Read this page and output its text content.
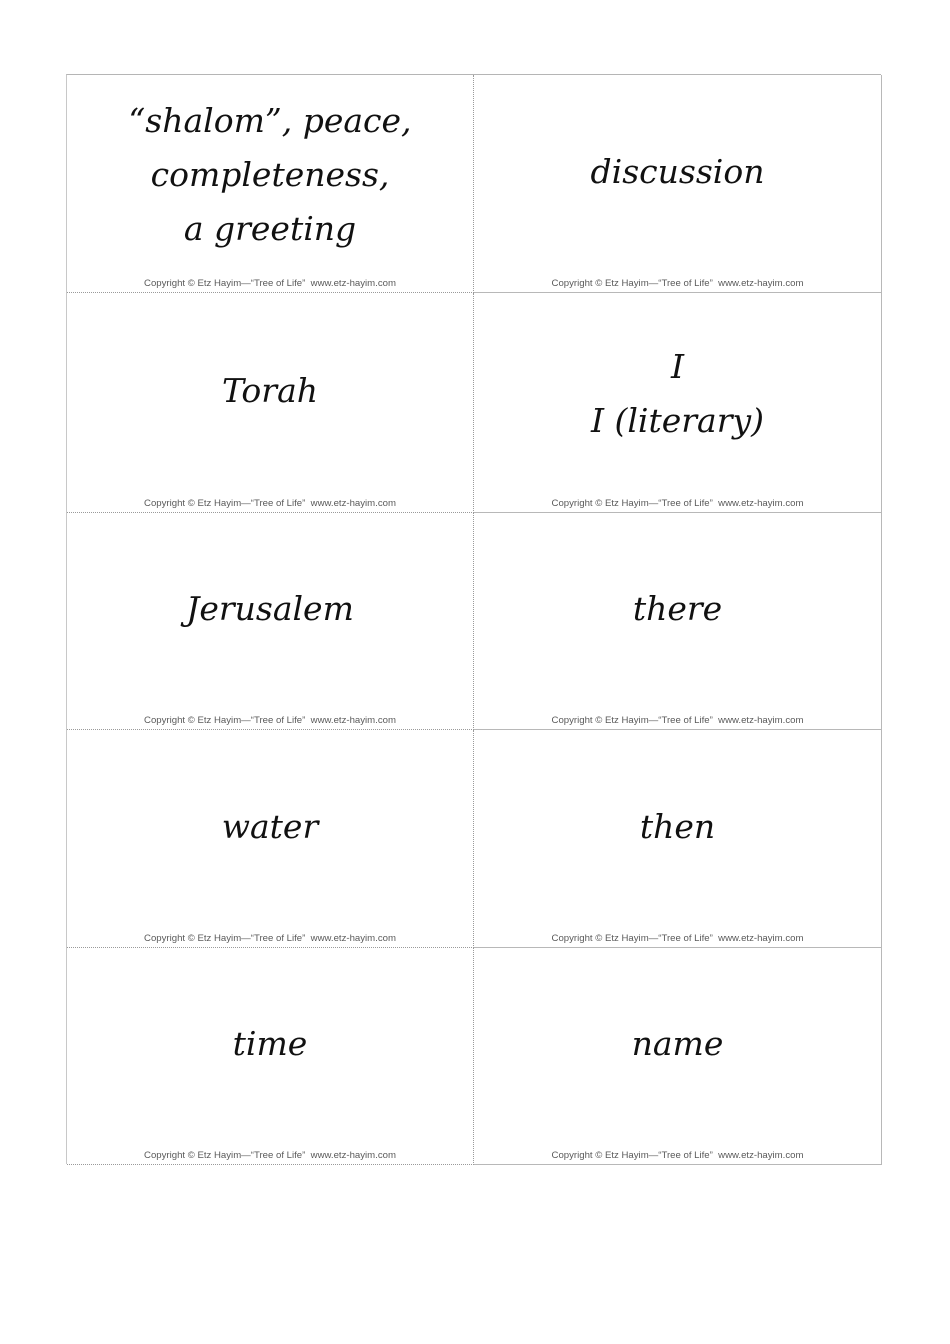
“shalom”, peace,
completeness,
a greeting
Copyright © Etz Hayim—“Tree of Life”  www.etz-hayim.com
discussion
Copyright © Etz Hayim—“Tree of Life”  www.etz-hayim.com
Torah
Copyright © Etz Hayim—“Tree of Life”  www.etz-hayim.com
I
I (literary)
Copyright © Etz Hayim—“Tree of Life”  www.etz-hayim.com
Jerusalem
Copyright © Etz Hayim—“Tree of Life”  www.etz-hayim.com
there
Copyright © Etz Hayim—“Tree of Life”  www.etz-hayim.com
water
Copyright © Etz Hayim—“Tree of Life”  www.etz-hayim.com
then
Copyright © Etz Hayim—“Tree of Life”  www.etz-hayim.com
time
Copyright © Etz Hayim—“Tree of Life”  www.etz-hayim.com
name
Copyright © Etz Hayim—“Tree of Life”  www.etz-hayim.com
